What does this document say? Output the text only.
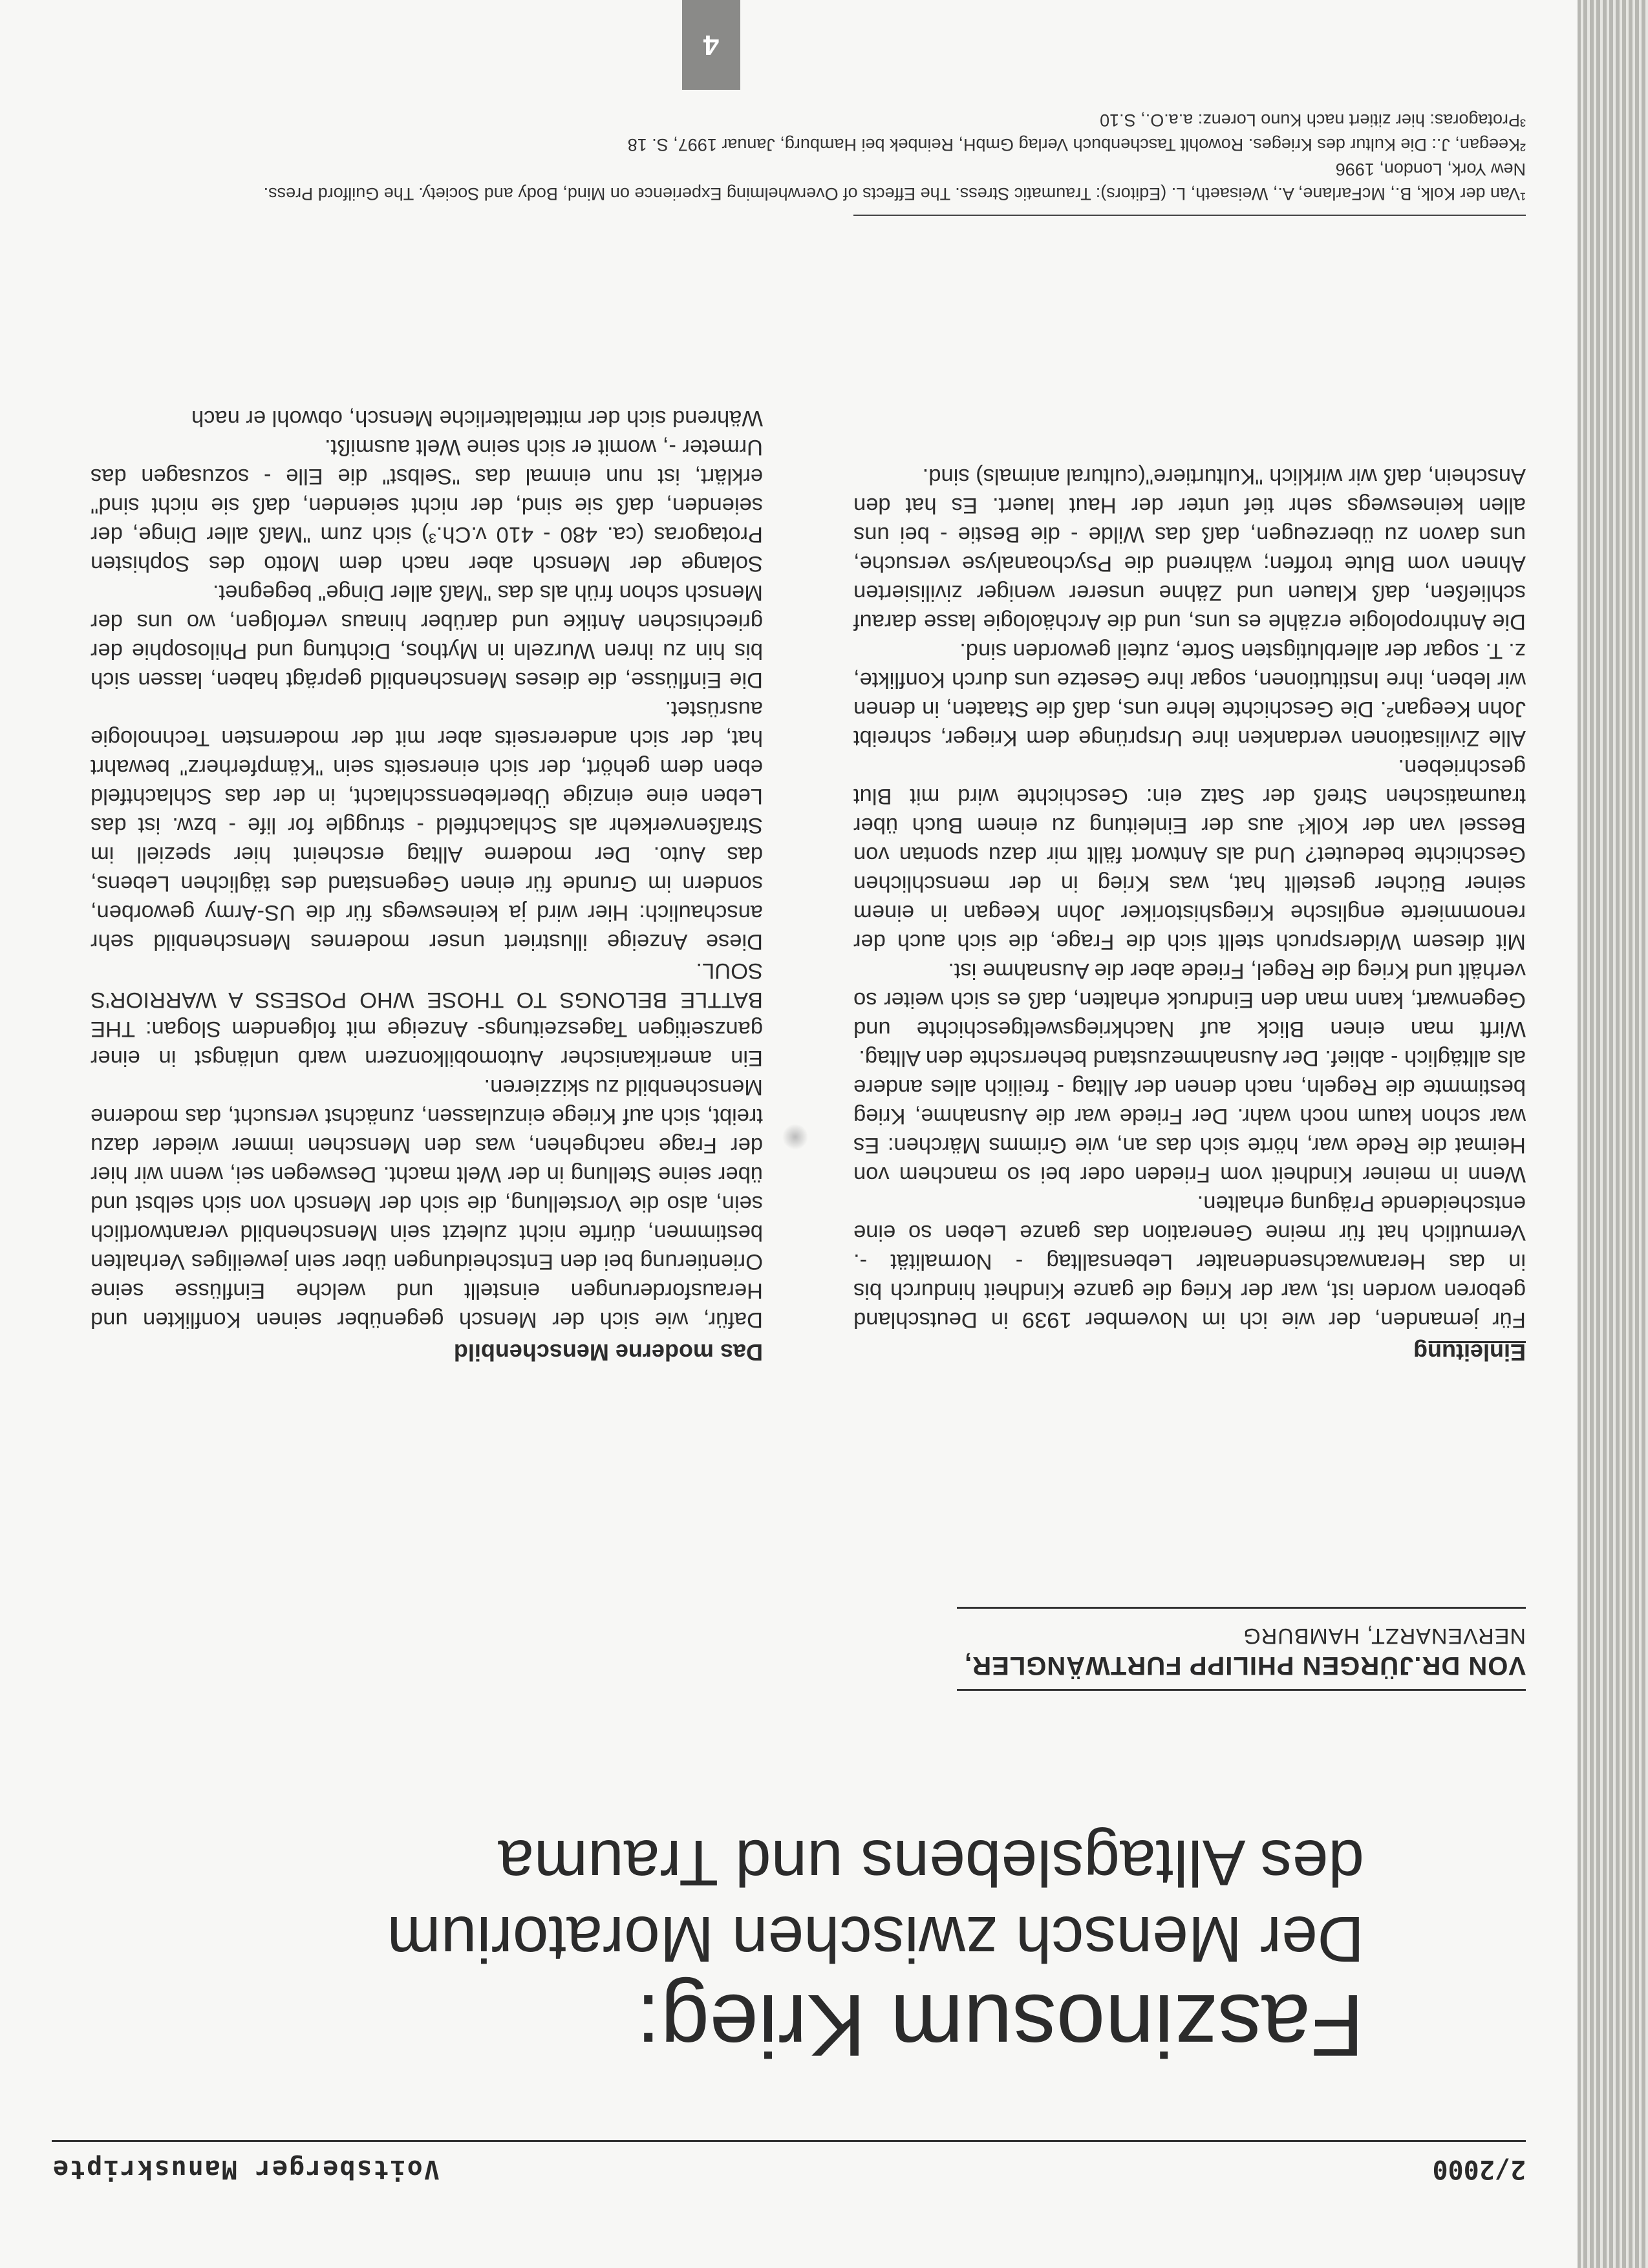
2/2000
Voitsberger Manuskripte
Faszinosum Krieg:
Der Mensch zwischen Moratorium
des Alltagslebens und Trauma
VON DR.JÜRGEN PHILIPP FURTWÄNGLER,
NERVENARZT, HAMBURG
Einleitung

Für jemanden, der wie ich im November 1939 in Deutschland geboren worden ist, war der Krieg die ganze Kindheit hindurch bis in das Heranwachsendenalter Lebensalltag - Normalität -. Vermutlich hat für meine Generation das ganze Leben so eine entscheidende Prägung erhalten.

Wenn in meiner Kindheit vom Frieden oder bei so manchem von Heimat die Rede war, hörte sich das an, wie Grimms Märchen: Es war schon kaum noch wahr. Der Friede war die Ausnahme, Krieg bestimmte die Regeln, nach denen der Alltag - freilich alles andere als alltäglich - ablief. Der Ausnahmezustand beherrschte den Alltag.

Wirft man einen Blick auf Nachkriegsweltgeschichte und Gegenwart, kann man den Eindruck erhalten, daß es sich weiter so verhält und Krieg die Regel, Friede aber die Ausnahme ist.

Mit diesem Widerspruch stellt sich die Frage, die sich auch der renommierte englische Kriegshistoriker John Keegan in einem seiner Bücher gestellt hat, was Krieg in der menschlichen Geschichte bedeutet? Und als Antwort fällt mir dazu spontan von Bessel van der Kolk¹ aus der Einleitung zu einem Buch über traumatischen Streß der Satz ein: Geschichte wird mit Blut geschrieben.

Alle Zivilisationen verdanken ihre Ursprünge dem Krieger, schreibt John Keegan². Die Geschichte lehre uns, daß die Staaten, in denen wir leben, ihre Institutionen, sogar ihre Gesetze uns durch Konflikte, z. T. sogar der allerblutigsten Sorte, zuteil geworden sind.

Die Anthropologie erzähle es uns, und die Archäologie lasse darauf schließen, daß Klauen und Zähne unserer weniger zivilisierten Ahnen vom Blute troffen; während die Psychoanalyse versuche, uns davon zu überzeugen, daß das Wilde - die Bestie - bei uns allen keineswegs sehr tief unter der Haut lauert. Es hat den Anschein, daß wir wirklich "Kulturtiere"(cultural animals) sind.

Das moderne Menschenbild

Dafür, wie sich der Mensch gegenüber seinen Konflikten und Herausforderungen einstellt und welche Einflüsse seine Orientierung bei den Entscheidungen über sein jeweiliges Verhalten bestimmen, dürfte nicht zuletzt sein Menschenbild verantwortlich sein, also die Vorstellung, die sich der Mensch von sich selbst und über seine Stellung in der Welt macht. Deswegen sei, wenn wir hier der Frage nachgehen, was den Menschen immer wieder dazu treibt, sich auf Kriege einzulassen, zunächst versucht, das moderne Menschenbild zu skizzieren.

Ein amerikanischer Automobilkonzern warb unlängst in einer ganzseitigen Tageszeitungs- Anzeige mit folgendem Slogan: THE BATTLE BELONGS TO THOSE WHO POSESS A WARRIOR'S SOUL.

Diese Anzeige illustriert unser modernes Menschenbild sehr anschaulich: Hier wird ja keineswegs für die US-Army geworben, sondern im Grunde für einen Gegenstand des täglichen Lebens, das Auto. Der moderne Alltag erscheint hier speziell im Straßenverkehr als Schlachtfeld - struggle for life - bzw. ist das Leben eine einzige Überlebensschlacht, in der das Schlachtfeld eben dem gehört, der sich einerseits sein "Kämpferherz" bewahrt hat, der sich andererseits aber mit der modernsten Technologie ausrüstet.

Die Einflüsse, die dieses Menschenbild geprägt haben, lassen sich bis hin zu ihren Wurzeln in Mythos, Dichtung und Philosophie der griechischen Antike und darüber hinaus verfolgen, wo uns der Mensch schon früh als das "Maß aller Dinge" begegnet.

Solange der Mensch aber nach dem Motto des Sophisten Protagoras (ca. 480 - 410 v.Ch.³) sich zum "Maß aller Dinge, der seienden, daß sie sind, der nicht seienden, daß sie nicht sind" erklärt, ist nun einmal das "Selbst" die Elle - sozusagen das Urmeter -, womit er sich seine Welt ausmißt.

Während sich der mittelalterliche Mensch, obwohl er nach

¹Van der Kolk, B., McFarlane, A., Weisaeth, L. (Editors): Traumatic Stress. The Effects of Overwhelming Experience on Mind, Body and Society. The Guilford Press.
New York, London, 1996
²Keegan, J.: Die Kultur des Krieges. Rowohlt Taschenbuch Verlag GmbH, Reinbek bei Hamburg, Januar 1997, S. 18
³Protagoras: hier zitiert nach Kuno Lorenz: a.a.O., S.10
4
